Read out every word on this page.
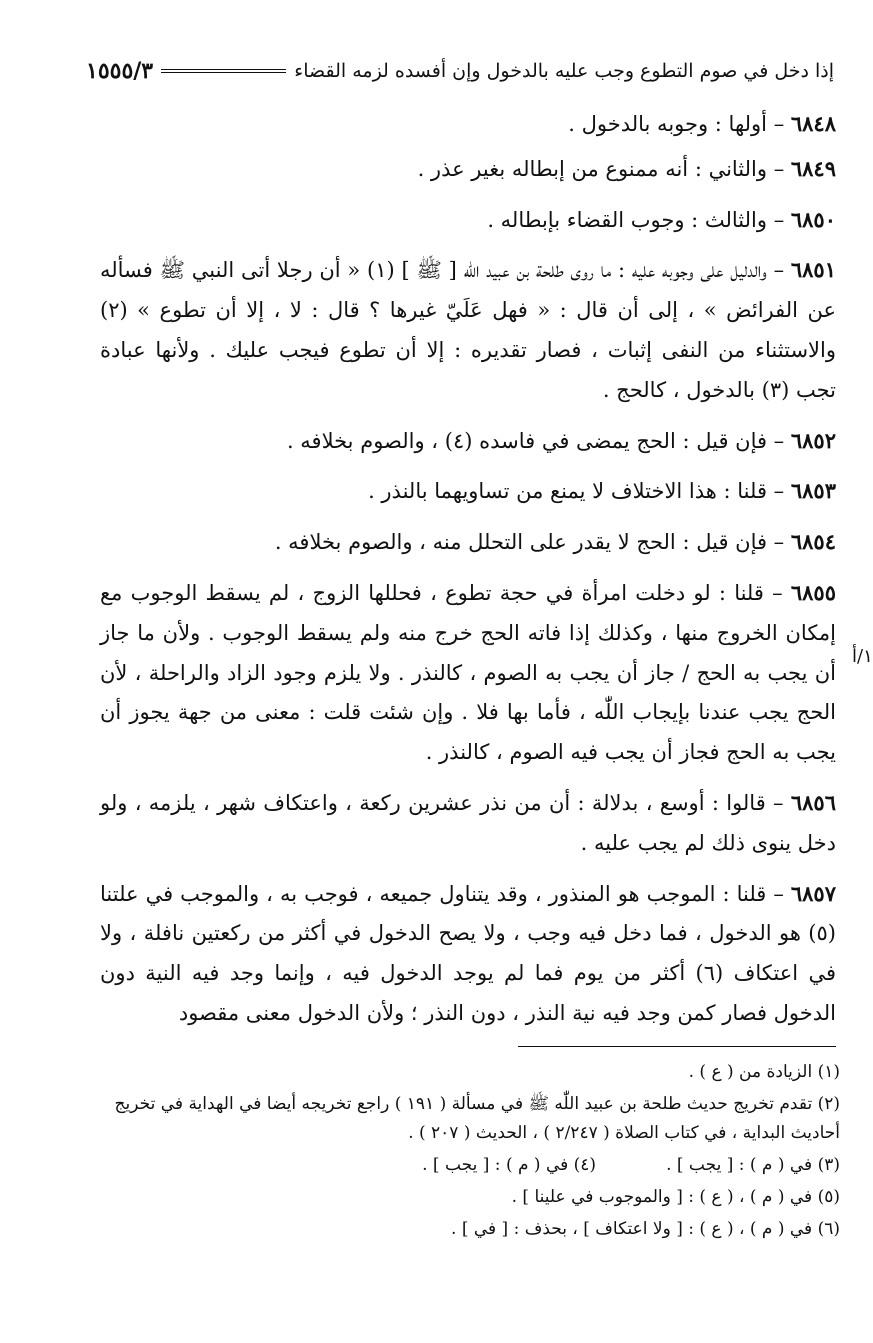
إذا دخل في صوم التطوع وجب عليه بالدخول وإن أفسده لزمه القضاء
١٥٥٥/٣

٦٨٤٨ – أولها : وجوبه بالدخول .

٦٨٤٩ – والثاني : أنه ممنوع من إبطاله بغير عذر .

٦٨٥٠ – والثالث : وجوب القضاء بإبطاله .

٦٨٥١ – والدليل على وجوبه عليه : ما روى طلحة بن عبيد اللّٰه [ ﷺ ] (١) « أن رجلا أتى النبي ﷺ فسأله عن الفرائض » ، إلى أن قال : « فهل عَلَيّ غيرها ؟ قال : لا ، إلا أن تطوع » (٢) والاستثناء من النفى إثبات ، فصار تقديره : إلا أن تطوع فيجب عليك . ولأنها عبادة تجب (٣) بالدخول ، كالحج .

٦٨٥٢ – فإن قيل : الحج يمضى في فاسده (٤) ، والصوم بخلافه .

٦٨٥٣ – قلنا : هذا الاختلاف لا يمنع من تساويهما بالنذر .

٦٨٥٤ – فإن قيل : الحج لا يقدر على التحلل منه ، والصوم بخلافه .

٦٨٥٥ – قلنا : لو دخلت امرأة في حجة تطوع ، فحللها الزوج ، لم يسقط الوجوب مع إمكان الخروج منها ، وكذلك إذا فاته الحج خرج منه ولم يسقط الوجوب . ولأن ما جاز أن يجب به الحج / جاز أن يجب به الصوم ، كالنذر . ولا يلزم وجود الزاد والراحلة ، لأن الحج يجب عندنا بإيجاب اللّٰه ، فأما بها فلا . وإن شئت قلت : معنى من جهة يجوز أن يجب به الحج فجاز أن يجب فيه الصوم ، كالنذر .

٦٨٥٦ – قالوا : أوسع ، بدلالة : أن من نذر عشرين ركعة ، واعتكاف شهر ، يلزمه ، ولو دخل ينوى ذلك لم يجب عليه .

٦٨٥٧ – قلنا : الموجب هو المنذور ، وقد يتناول جميعه ، فوجب به ، والموجب في علتنا (٥) هو الدخول ، فما دخل فيه وجب ، ولا يصح الدخول في أكثر من ركعتين نافلة ، ولا في اعتكاف (٦) أكثر من يوم فما لم يوجد الدخول فيه ، وإنما وجد فيه النية دون الدخول فصار كمن وجد فيه نية النذر ، دون النذر ؛ ولأن الدخول معنى مقصود

١/أ

(١) الزيادة من ( ع ) .

(٢) تقدم تخريج حديث طلحة بن عبيد اللّٰه ﷺ في مسألة ( ١٩١ ) راجع تخريجه أيضا في الهداية في تخريج أحاديث البداية ، في كتاب الصلاة ( ٢/٢٤٧ ) ، الحديث ( ٢٠٧ ) .

(٣) في ( م ) : [ يجب ] .

(٤) في ( م ) : [ يجب ] .

(٥) في ( م ) ، ( ع ) : [ والموجوب في علينا ] .

(٦) في ( م ) ، ( ع ) : [ ولا اعتكاف ] ، بحذف : [ في ] .
